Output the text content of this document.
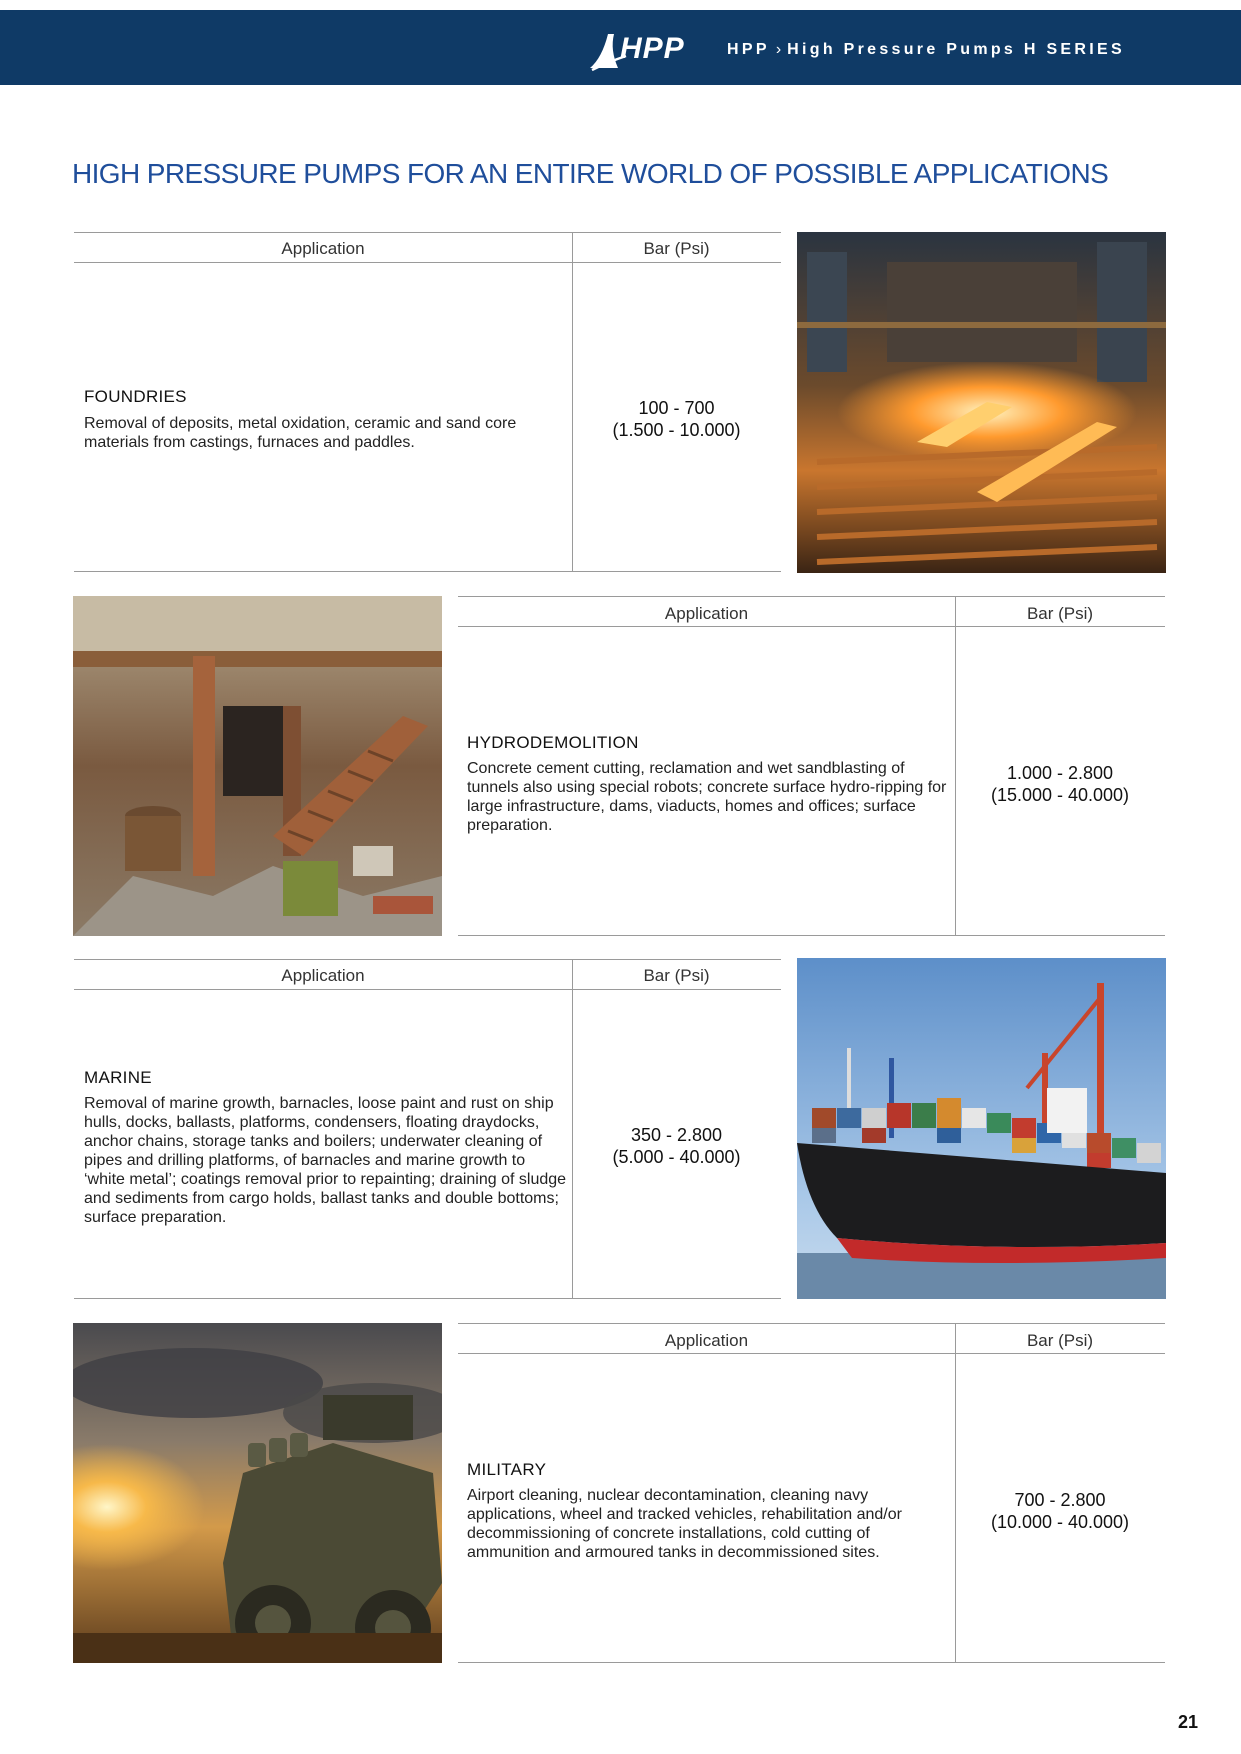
HPP	HPP › High Pressure Pumps H SERIES
HIGH PRESSURE PUMPS FOR AN ENTIRE WORLD OF POSSIBLE APPLICATIONS
Application	Bar (Psi)
FOUNDRIES
Removal of deposits, metal oxidation, ceramic and sand core materials from castings, furnaces and paddles.
100 - 700
(1.500 - 10.000)
Application	Bar (Psi)
HYDRODEMOLITION
Concrete cement cutting, reclamation and wet sandblasting of tunnels also using special robots; concrete surface hydro-ripping for large infrastructure, dams, viaducts, homes and offices; surface preparation.
1.000 - 2.800
(15.000 - 40.000)
Application	Bar (Psi)
MARINE
Removal of marine growth, barnacles, loose paint and rust on ship hulls, docks, ballasts, platforms, condensers, floating draydocks, anchor chains, storage tanks and boilers; underwater cleaning of pipes and drilling platforms, of barnacles and marine growth to ‘white metal’; coatings removal prior to repainting; draining of sludge and sediments from cargo holds, ballast tanks and double bottoms; surface preparation.
350 - 2.800
(5.000 - 40.000)
Application	Bar (Psi)
MILITARY
Airport cleaning, nuclear decontamination, cleaning navy applications, wheel and tracked vehicles, rehabilitation and/or decommissioning of concrete installations, cold cutting of ammunition and armoured tanks in decommissioned sites.
700 - 2.800
(10.000 - 40.000)
21
